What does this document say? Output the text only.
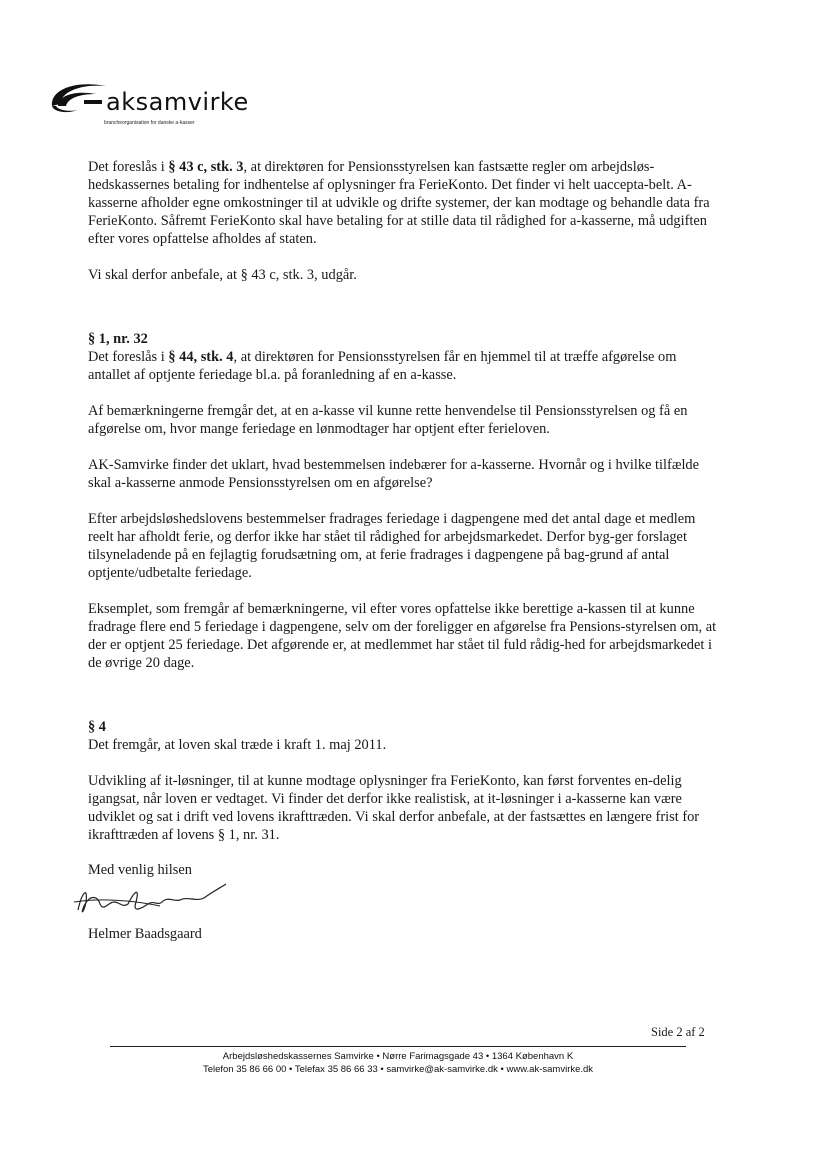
aksamvirke
brancheorganisation for danske a-kasser

Det foreslås i § 43 c, stk. 3, at direktøren for Pensionsstyrelsen kan fastsætte regler om arbejdsløs-hedskassernes betaling for indhentelse af oplysninger fra FerieKonto. Det finder vi helt uaccepta-belt. A-kasserne afholder egne omkostninger til at udvikle og drifte systemer, der kan modtage og behandle data fra FerieKonto. Såfremt FerieKonto skal have betaling for at stille data til rådighed for a-kasserne, må udgiften efter vores opfattelse afholdes af staten.

Vi skal derfor anbefale, at § 43 c, stk. 3, udgår.

§ 1, nr. 32

Det foreslås i § 44, stk. 4, at direktøren for Pensionsstyrelsen får en hjemmel til at træffe afgørelse om antallet af optjente feriedage bl.a. på foranledning af en a-kasse.

Af bemærkningerne fremgår det, at en a-kasse vil kunne rette henvendelse til Pensionsstyrelsen og få en afgørelse om, hvor mange feriedage en lønmodtager har optjent efter ferieloven.

AK-Samvirke finder det uklart, hvad bestemmelsen indebærer for a-kasserne. Hvornår og i hvilke tilfælde skal a-kasserne anmode Pensionsstyrelsen om en afgørelse?

Efter arbejdsløshedslovens bestemmelser fradrages feriedage i dagpengene med det antal dage et medlem reelt har afholdt ferie, og derfor ikke har stået til rådighed for arbejdsmarkedet. Derfor byg-ger forslaget tilsyneladende på en fejlagtig forudsætning om, at ferie fradrages i dagpengene på bag-grund af antal optjente/udbetalte feriedage.

Eksemplet, som fremgår af bemærkningerne, vil efter vores opfattelse ikke berettige a-kassen til at kunne fradrage flere end 5 feriedage i dagpengene, selv om der foreligger en afgørelse fra Pensions-styrelsen om, at der er optjent 25 feriedage. Det afgørende er, at medlemmet har stået til fuld rådig-hed for arbejdsmarkedet i de øvrige 20 dage.

§ 4

Det fremgår, at loven skal træde i kraft 1. maj 2011.

Udvikling af it-løsninger, til at kunne modtage oplysninger fra FerieKonto, kan først forventes en-delig igangsat, når loven er vedtaget. Vi finder det derfor ikke realistisk, at it-løsninger i a-kasserne kan være udviklet og sat i drift ved lovens ikrafttræden. Vi skal derfor anbefale, at der fastsættes en længere frist for ikrafttræden af lovens § 1, nr. 31.

Med venlig hilsen
Helmer Baadsgaard
Side 2 af 2
Arbejdsløshedskassernes Samvirke • Nørre Farimagsgade 43 • 1364 København K
Telefon 35 86 66 00 • Telefax 35 86 66 33 • samvirke@ak-samvirke.dk • www.ak-samvirke.dk
